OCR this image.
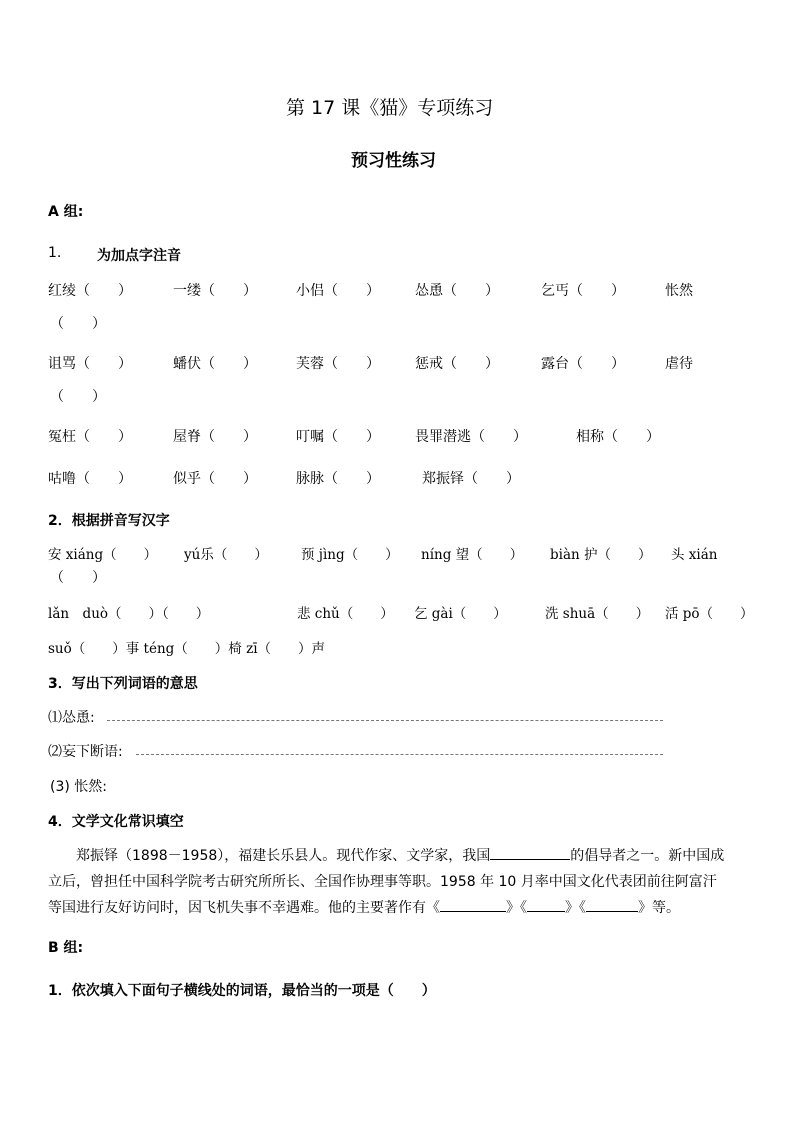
第 17 课《猫》专项练习
预习性练习
A 组:
1.	为加点字注音
红绫（　　）	一缕（　　）	小侣（　　）	怂恿（　　）	乞丐（　　）	怅然
（　　）
诅骂（　　）	蟠伏（　　）	芙蓉（　　）	惩戒（　　）	露台（　　）	虐待
（　　）
冤枉（　　）	屋脊（　　）	叮嘱（　　）	畏罪潜逃（　　）	相称（　　）
咕噜（　　）	似乎（　　）	脉脉（　　）	郑振铎（　　）
2．根据拼音写汉字
安 xiáng（　　） yú乐（　　） 预 jìng（　　） níng 望（　　） biàn 护（　　） 头 xián
（　　）
lǎn　duò（　　）（　　）	悲 chǔ（　　） 乞 gài（　　）	洗 shuā（　　） 活 pō（　　）
suǒ（　　）事 téng（　　）椅 zī（　　）声
3．写出下列词语的意思
⑴怂恿:
⑵妄下断语:
(3) 怅然:
4．文学文化常识填空
　　郑振铎（1898－1958），福建长乐县人。现代作家、文学家，我国	的倡导者之一。新中国成
立后，曾担任中国科学院考古研究所所长、全国作协理事等职。1958 年 10 月率中国文化代表团前往阿富汗
等国进行友好访问时，因飞机失事不幸遇难。他的主要著作有《	》《	》《	》等。
B 组:
1．依次填入下面句子横线处的词语，最恰当的一项是（　　）
